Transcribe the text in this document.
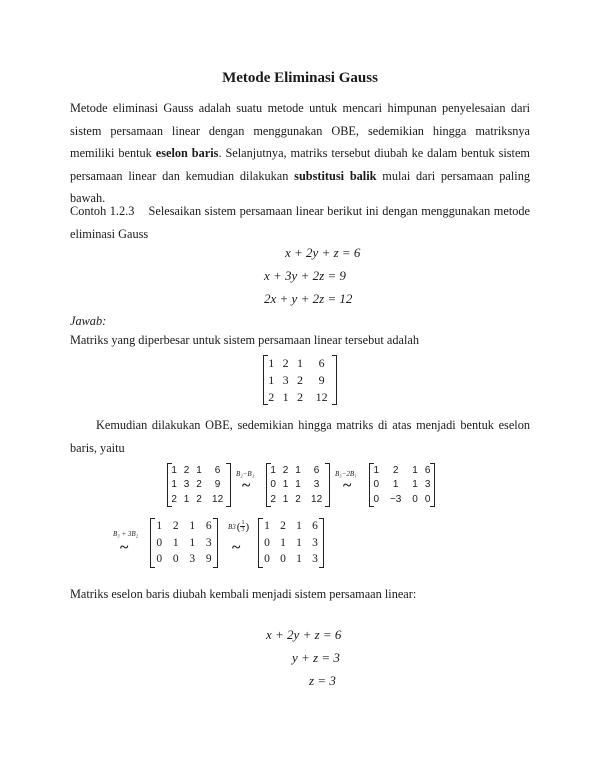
Metode Eliminasi Gauss
Metode eliminasi Gauss adalah suatu metode untuk mencari himpunan penyelesaian dari sistem persamaan linear dengan menggunakan OBE, sedemikian hingga matriksnya memiliki bentuk eselon baris. Selanjutnya, matriks tersebut diubah ke dalam bentuk sistem persamaan linear dan kemudian dilakukan substitusi balik mulai dari persamaan paling bawah.
Contoh 1.2.3 Selesaikan sistem persamaan linear berikut ini dengan menggunakan metode eliminasi Gauss
x + 2y + z = 6
x + 3y + 2z = 9
2x + y + 2z = 12
Jawab:
Matriks yang diperbesar untuk sistem persamaan linear tersebut adalah
1	2	1	6
1	3	2	9
2	1	2	12
Kemudian dilakukan OBE, sedemikian hingga matriks di atas menjadi bentuk eselon baris, yaitu
1	2	1	6
1	3	2	9
2	1	2	12
B₂−B₁
~
1	2	1	6
0	1	1	3
2	1	2	12
B₃−2B₁
~
1	2	1	6
0	1	1	3
0	−3	0	0
B₃ + 3B₂
~
1	2	1	6
0	1	1	3
0	0	3	9
B3 ( 1
3 )
~
1	2	1	6
0	1	1	3
0	0	1	3
Matriks eselon baris diubah kembali menjadi sistem persamaan linear:
x + 2y + z = 6
y + z = 3
z = 3
